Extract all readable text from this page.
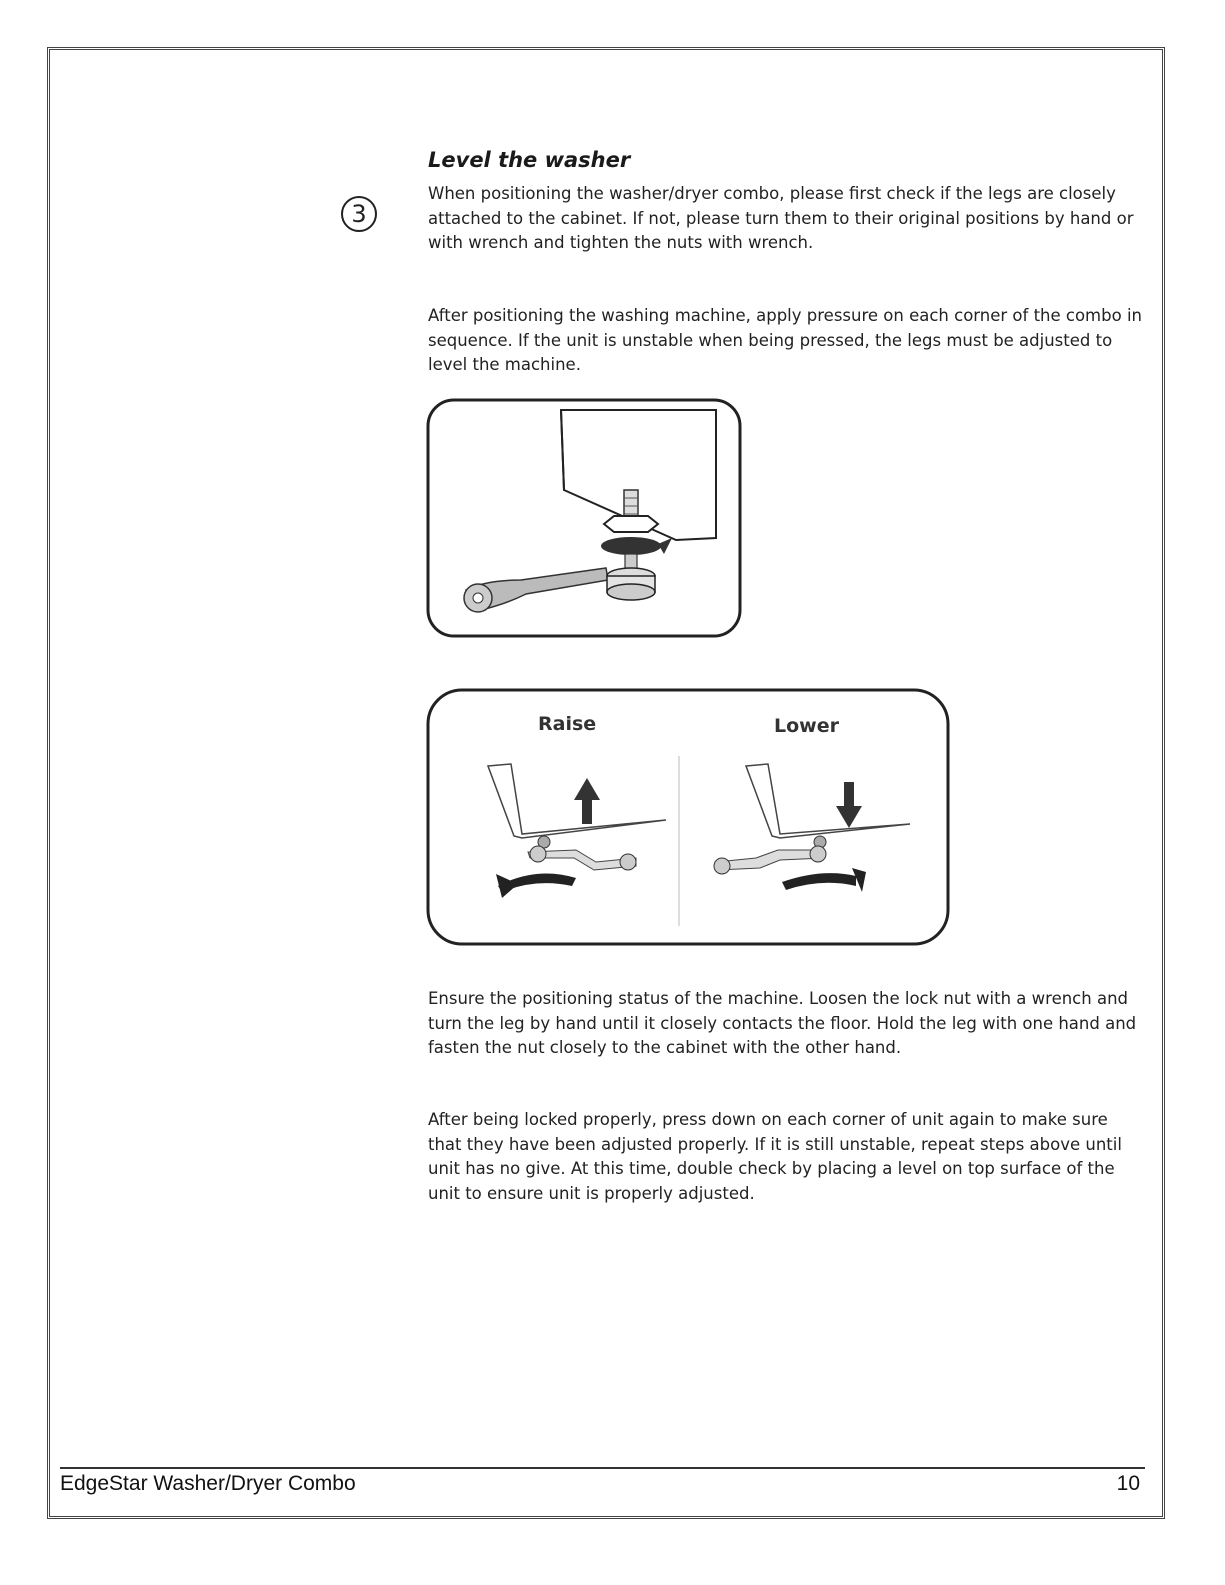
Level the washer
3

When positioning the washer/dryer combo, please first check if the legs are closely attached to the cabinet. If not, please turn them to their original positions by hand or with wrench and tighten the nuts with wrench.

After positioning the washing machine, apply pressure on each corner of the combo in sequence. If the unit is unstable when being pressed, the legs must be adjusted to level the machine.

Raise	Lower

Ensure the positioning status of the machine. Loosen the lock nut with a wrench and turn the leg by hand until it closely contacts the floor. Hold the leg with one hand and fasten the nut closely to the cabinet with the other hand.

After being locked properly, press down on each corner of unit again to make sure that they have been adjusted properly. If it is still unstable, repeat steps above until unit has no give. At this time, double check by placing a level on top surface of the unit to ensure unit is properly adjusted.

EdgeStar Washer/Dryer Combo	10
